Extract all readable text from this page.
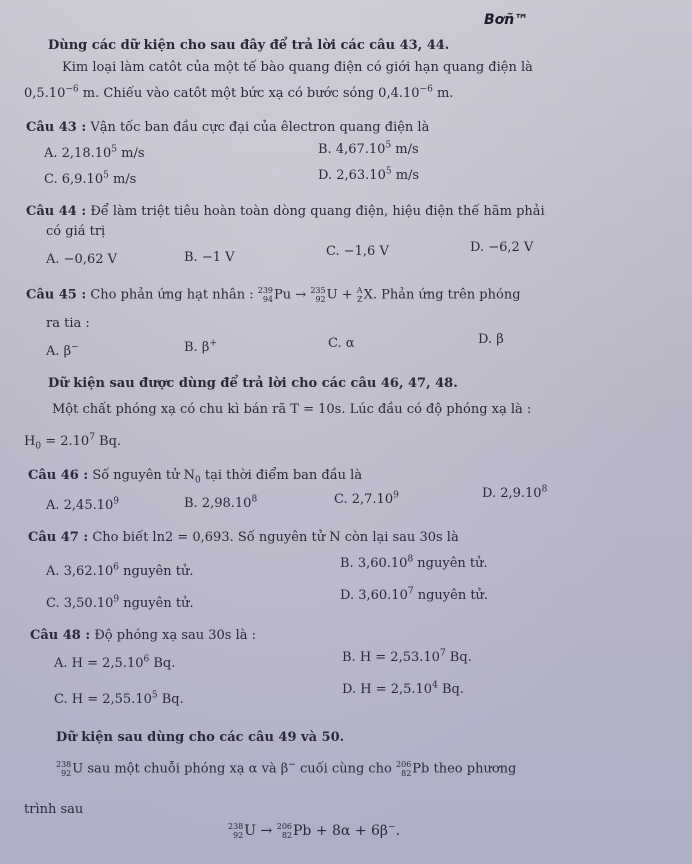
Bơñ™
Dùng các dữ kiện cho sau đây để trả lời các câu 43, 44.
Kim loại làm catôt của một tế bào quang điện có giới hạn quang điện là
$0,5.10^{-6}$ m. Chiếu vào catôt một bức xạ có bước sóng $0,4.10^{-6}$ m.
Câu 43 : Vận tốc ban đầu cực đại của êlectron quang điện là
A. 2,18.10$^5$ m/s	B. 4,67.10$^5$ m/s
C. 6,9.10$^5$ m/s	D. 2,63.10$^5$ m/s
Câu 44 : Để làm triệt tiêu hoàn toàn dòng quang điện, hiệu điện thế hãm phải
có giá trị
A. −0,62 V	B. −1 V	C. −1,6 V	D. −6,2 V
Câu 45 : Cho phản ứng hạt nhân : 239
94 Pu → 235
92 U + A
Z X. Phản ứng trên phóng
ra tia :
A. β−	B. β+	C. α	D. β
Dữ kiện sau được dùng để trả lời cho các câu 46, 47, 48.
Một chất phóng xạ có chu kì bán rã T = 10s. Lúc đầu có độ phóng xạ là :
$H_0 = 2.10^7$ Bq.
Câu 46 : Số nguyên tử $N_0$ tại thời điểm ban đầu là
A. 2,45.10$^9$	B. 2,98.10$^8$	C. 2,7.10$^9$	D. 2,9.10$^8$
Câu 47 : Cho biết ln2 = 0,693. Số nguyên tử N còn lại sau 30s là
A. 3,62.10$^6$ nguyên tử.
B. 3,60.10$^8$ nguyên tử.
C. 3,50.10$^9$ nguyên tử.
D. 3,60.10$^7$ nguyên tử.
Câu 48 : Độ phóng xạ sau 30s là :
A. $H = 2,5.10^6$ Bq.	B. $H = 2,53.10^7$ Bq.
C. $H = 2,55.10^5$ Bq.
D. $H = 2,5.10^4$ Bq.
Dữ kiện sau dùng cho các câu 49 và 50.
238
92 U sau một chuỗi phóng xạ α và β− cuối cùng cho 206
82 Pb theo phương
trình sau
238
92 U → 206
82 Pb + 8α + 6β−.
